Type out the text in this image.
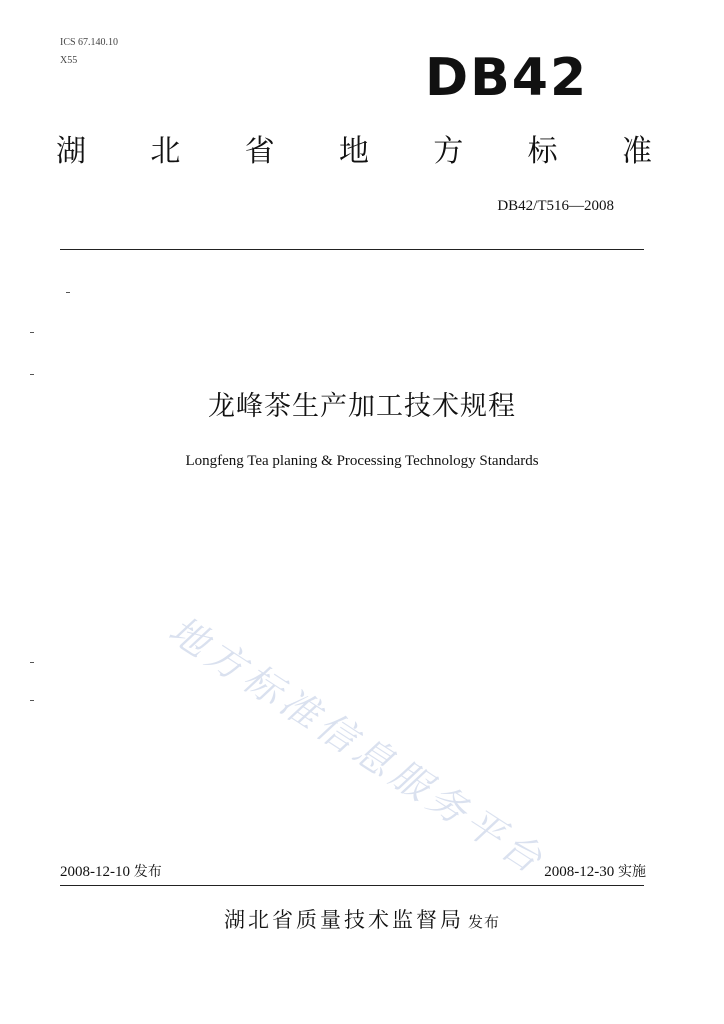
ICS 67.140.10
X55	DB42
湖 北 省 地 方 标 准
DB42/T516—2008
龙峰茶生产加工技术规程
Longfeng Tea planing & Processing Technology Standards
地方标准信息服务平台
2008-12-10 发布	2008-12-30 实施
湖北省质量技术监督局 发布
